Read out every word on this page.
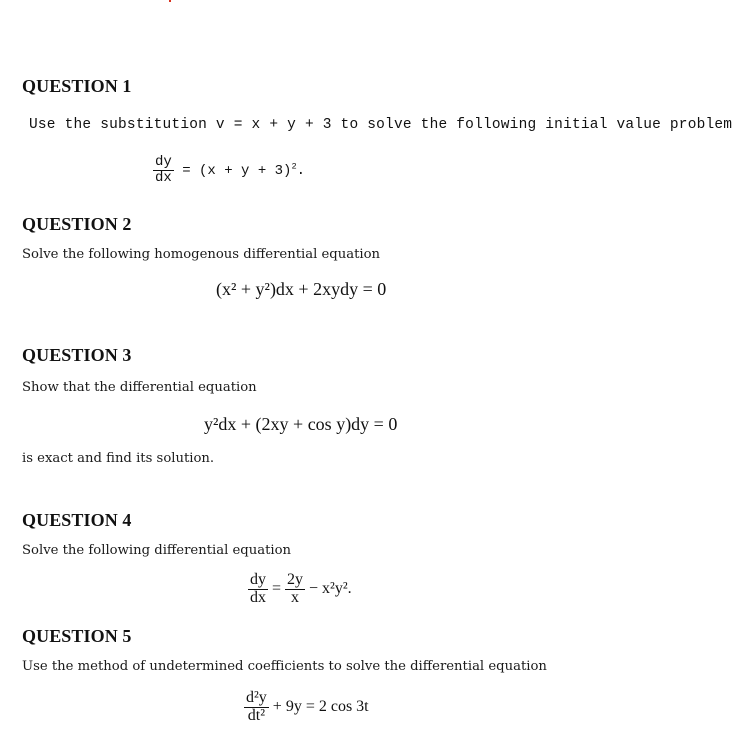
QUESTION 1
Use the substitution v = x + y + 3 to solve the following initial value problem
$\frac{dy}{dx} = (x + y + 3)^2$.
QUESTION 2
Solve the following homogenous differential equation
(x² + y²)dx + 2xydy = 0
QUESTION 3
Show that the differential equation
y²dx + (2xy + cos y)dy = 0
is exact and find its solution.
QUESTION 4
Solve the following differential equation
$\frac{dy}{dx} = \frac{2y}{x} - x^2y^2$.
QUESTION 5
Use the method of undetermined coefficients to solve the differential equation
$\frac{\text{d²y}}{\text{dt²}} + 9y = 2$ cos 3t
